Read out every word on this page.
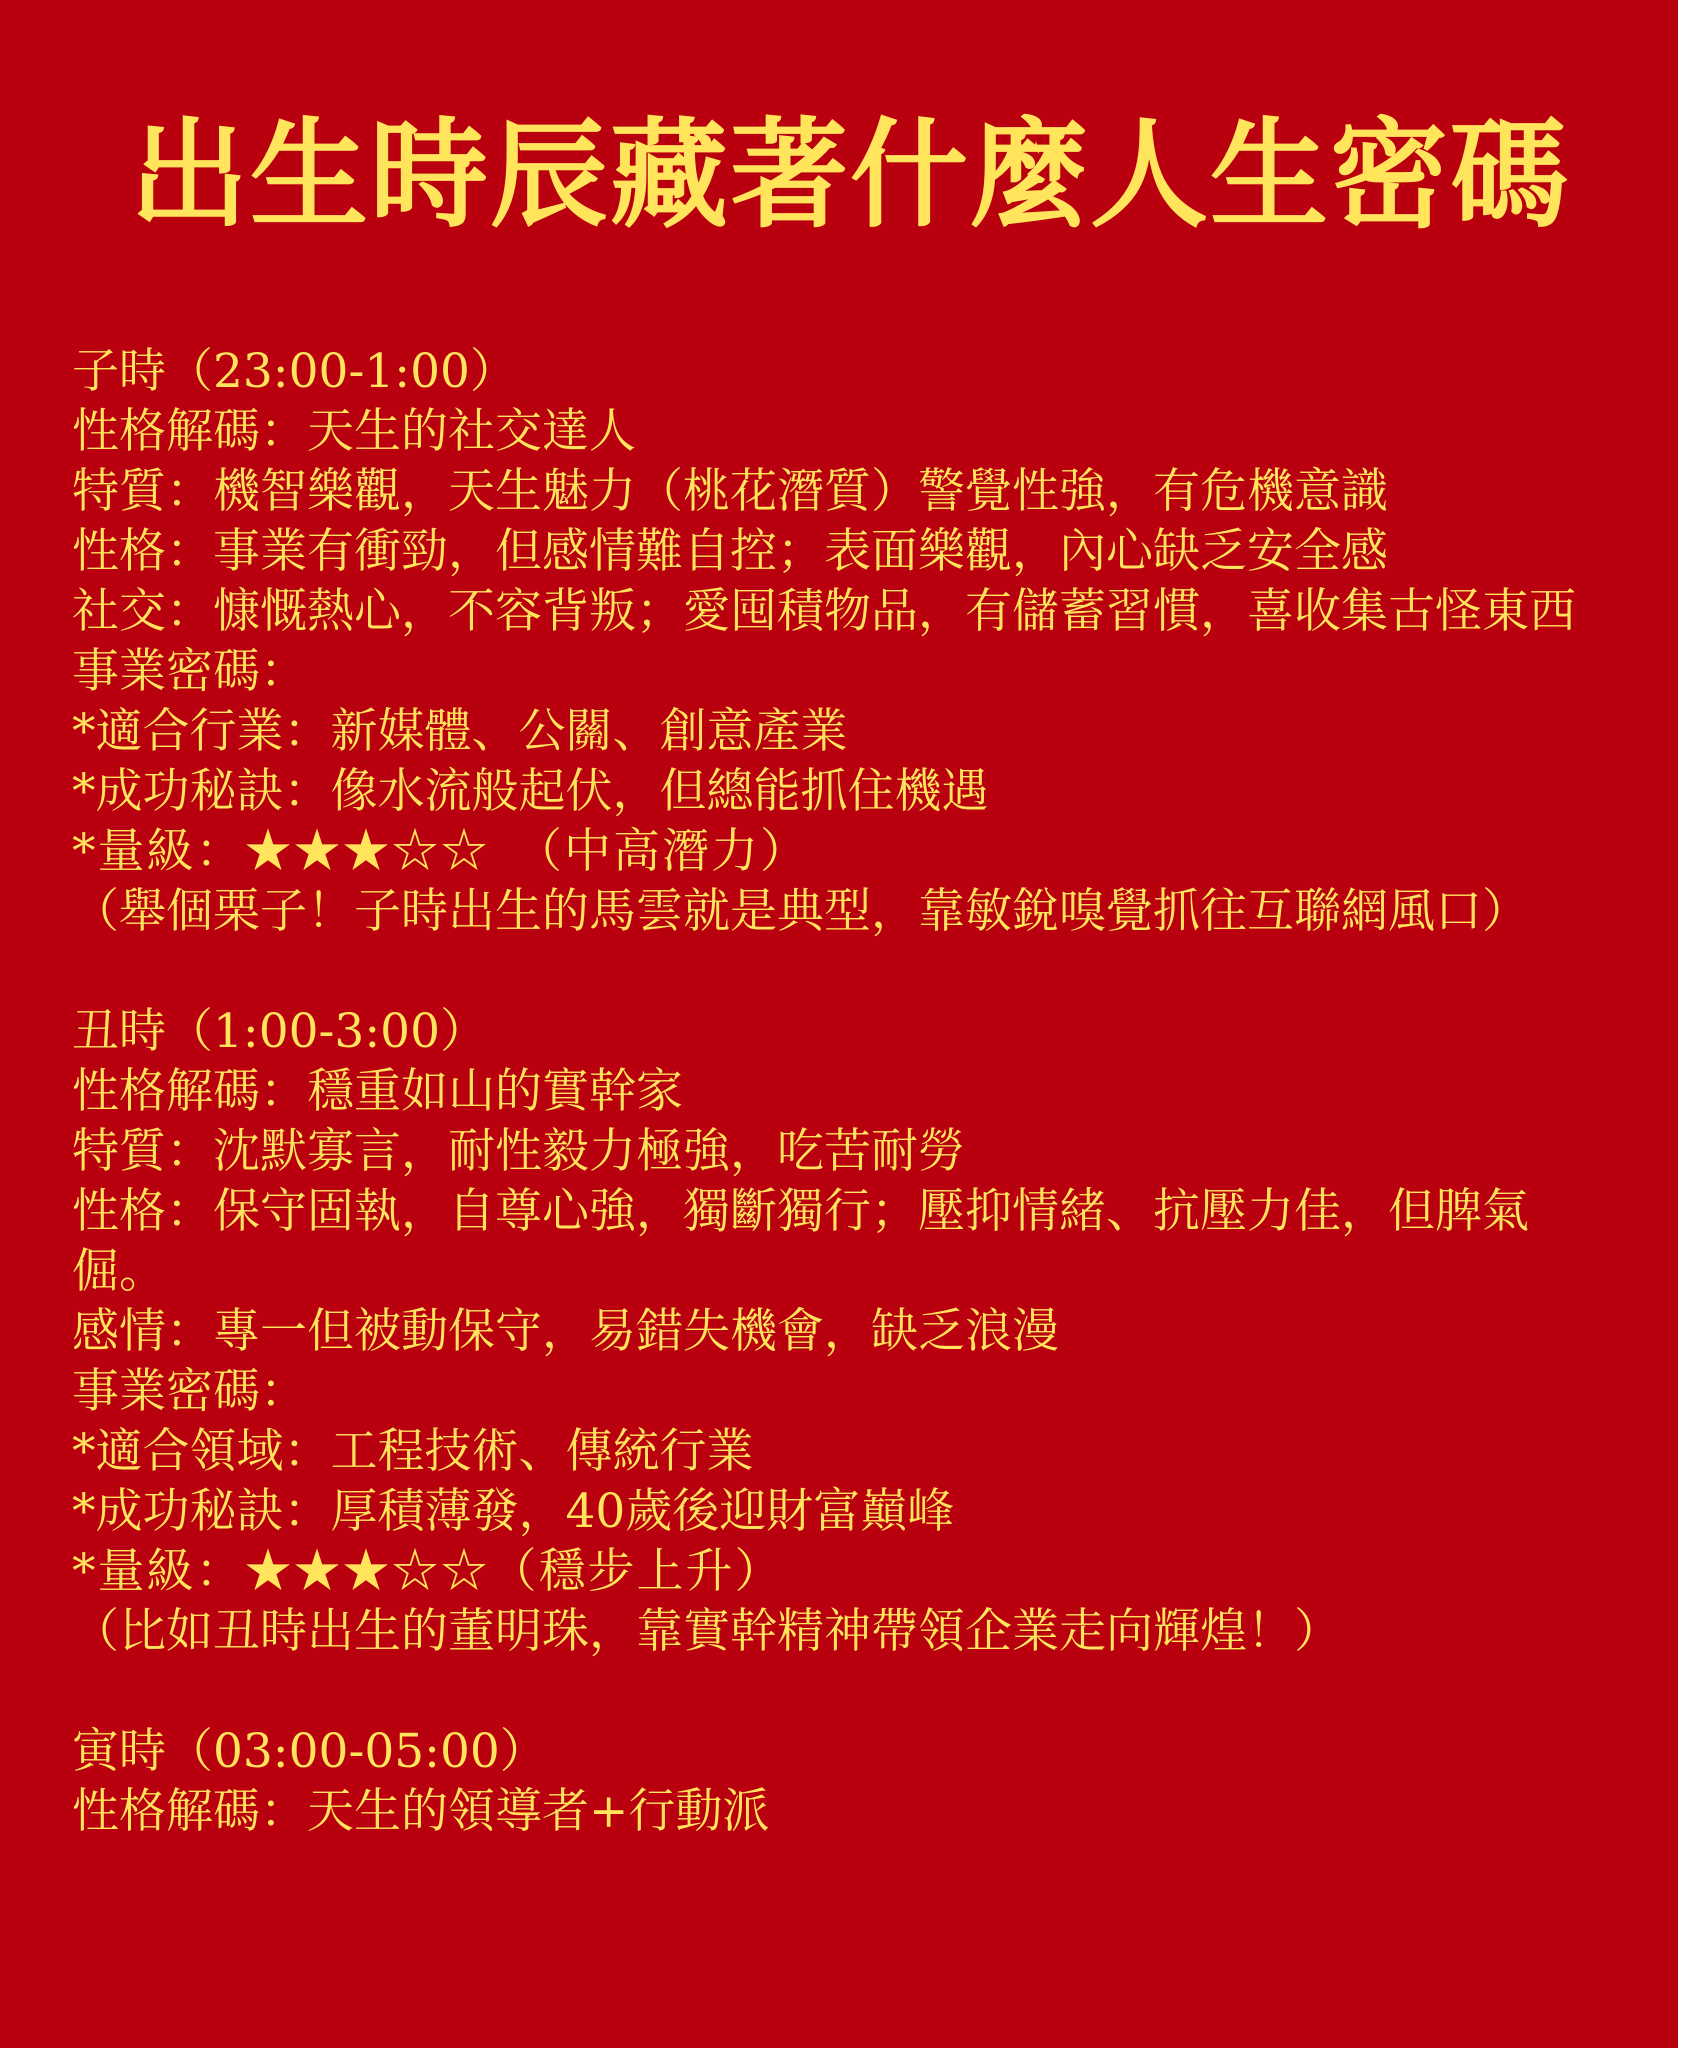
出生時辰藏著什麼人生密碼
子時（23:00-1:00）
性格解碼：天生的社交達人
特質：機智樂觀，天生魅力（桃花潛質）警覺性強，有危機意識
性格：事業有衝勁，但感情難自控；表面樂觀，內心缺乏安全感
社交：慷慨熱心，不容背叛；愛囤積物品，有儲蓄習慣，喜收集古怪東西
事業密碼：
*適合行業：新媒體、公關、創意產業
*成功秘訣：像水流般起伏，但總能抓住機遇
*量級：★★★☆☆　（中高潛力）
（舉個栗子！子時出生的馬雲就是典型，靠敏銳嗅覺抓往互聯網風口）
丑時（1:00-3:00）
性格解碼：穩重如山的實幹家
特質：沈默寡言，耐性毅力極強，吃苦耐勞
性格：保守固執，自尊心強，獨斷獨行；壓抑情緒、抗壓力佳，但脾氣倔。
感情：專一但被動保守，易錯失機會，缺乏浪漫
事業密碼：
*適合領域：工程技術、傳統行業
*成功秘訣：厚積薄發，40歲後迎財富巔峰
*量級：★★★☆☆（穩步上升）
（比如丑時出生的董明珠，靠實幹精神帶領企業走向輝煌！）
寅時（03:00-05:00）
性格解碼：天生的領導者+行動派
